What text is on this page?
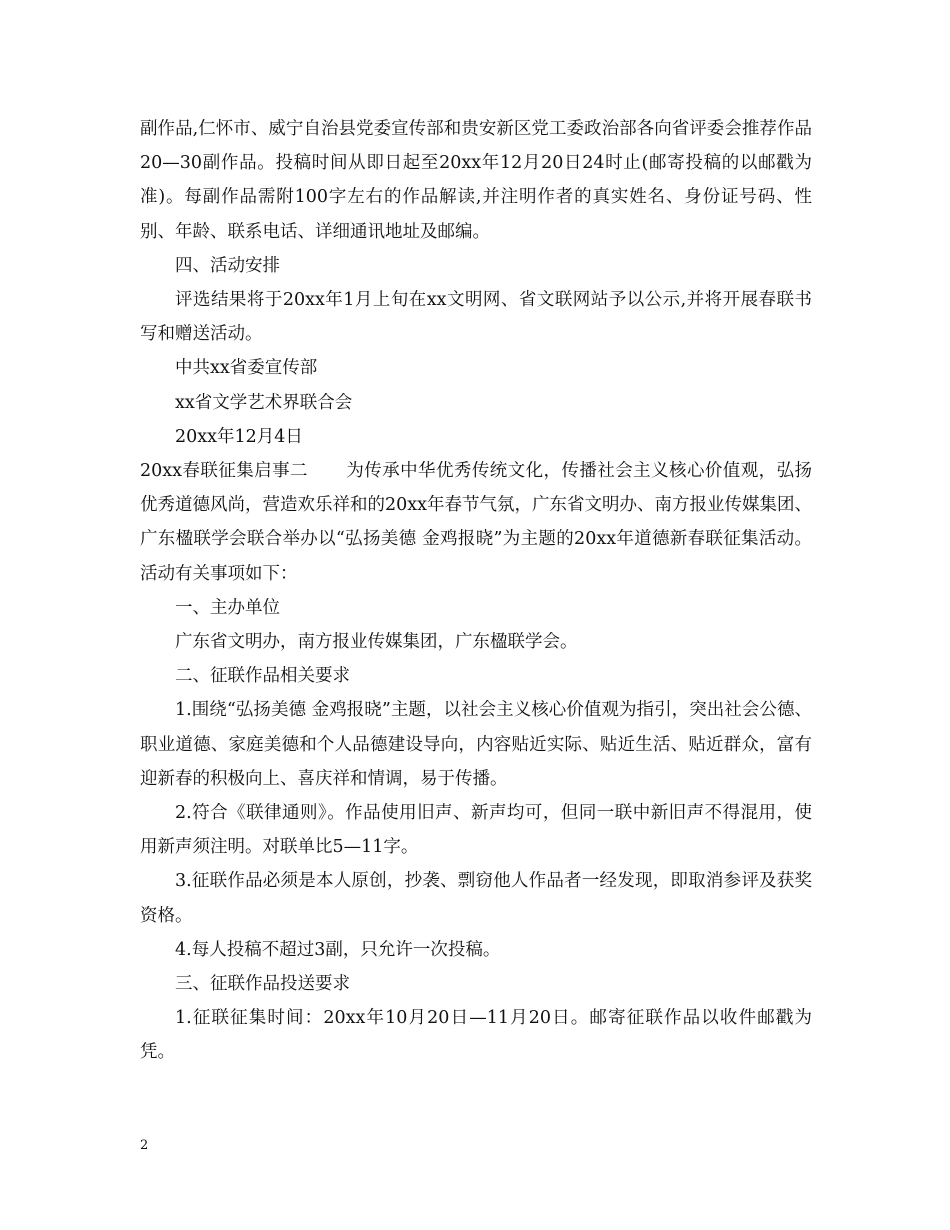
副作品,仁怀市、威宁自治县党委宣传部和贵安新区党工委政治部各向省评委会推荐作品20—30副作品。投稿时间从即日起至20xx年12月20日24时止(邮寄投稿的以邮戳为准)。每副作品需附100字左右的作品解读,并注明作者的真实姓名、身份证号码、性别、年龄、联系电话、详细通讯地址及邮编。

四、活动安排

评选结果将于20xx年1月上旬在xx文明网、省文联网站予以公示,并将开展春联书写和赠送活动。

中共xx省委宣传部

xx省文学艺术界联合会

20xx年12月4日

20xx春联征集启事二 为传承中华优秀传统文化，传播社会主义核心价值观，弘扬优秀道德风尚，营造欢乐祥和的20xx年春节气氛，广东省文明办、南方报业传媒集团、广东楹联学会联合举办以“弘扬美德 金鸡报晓”为主题的20xx年道德新春联征集活动。活动有关事项如下：

一、主办单位

广东省文明办，南方报业传媒集团，广东楹联学会。

二、征联作品相关要求

1.围绕“弘扬美德 金鸡报晓”主题，以社会主义核心价值观为指引，突出社会公德、职业道德、家庭美德和个人品德建设导向，内容贴近实际、贴近生活、贴近群众，富有迎新春的积极向上、喜庆祥和情调，易于传播。

2.符合《联律通则》。作品使用旧声、新声均可，但同一联中新旧声不得混用，使用新声须注明。对联单比5—11字。

3.征联作品必须是本人原创，抄袭、剽窃他人作品者一经发现，即取消参评及获奖资格。

4.每人投稿不超过3副，只允许一次投稿。

三、征联作品投送要求

1.征联征集时间：20xx年10月20日—11月20日。邮寄征联作品以收件邮戳为凭。

2
